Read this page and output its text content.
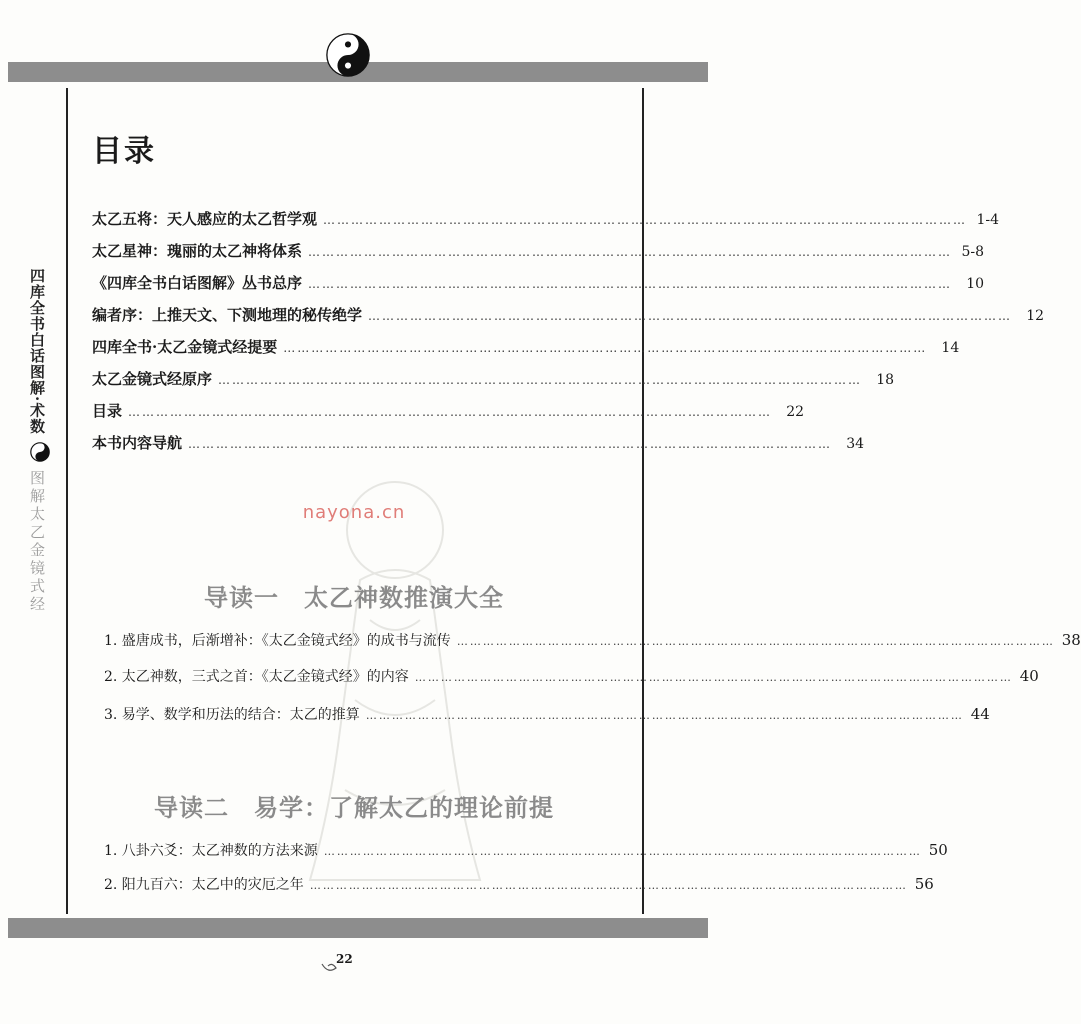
四库全书白话图解·术数
图解太乙金镜式经
目录
太乙五将：天人感应的太乙哲学观 ………………………………………………………………………………………………………………………… 1-4
太乙星神：瑰丽的太乙神将体系 ………………………………………………………………………………………………………………………… 5-8
《四库全书白话图解》丛书总序 …………………………………………………………………………………………………………………………	10
编者序：上推天文、下测地理的秘传绝学 …………………………………………………………………………………………………………………………	12
四库全书·太乙金镜式经提要 …………………………………………………………………………………………………………………………	14
太乙金镜式经原序 …………………………………………………………………………………………………………………………	18
目录 …………………………………………………………………………………………………………………………	22
本书内容导航 …………………………………………………………………………………………………………………………	34
nayona.cn
导读一　太乙神数推演大全
1. 盛唐成书，后渐增补：《太乙金镜式经》的成书与流传 ………………………………………………………………………………………………………………………… 38
2. 太乙神数，三式之首：《太乙金镜式经》的内容 ………………………………………………………………………………………………………………………… 40
3. 易学、数学和历法的结合：太乙的推算 ………………………………………………………………………………………………………………………… 44
导读二　易学：了解太乙的理论前提
1. 八卦六爻：太乙神数的方法来源 ………………………………………………………………………………………………………………………… 50
2. 阳九百六：太乙中的灾厄之年 ………………………………………………………………………………………………………………………… 56
22
